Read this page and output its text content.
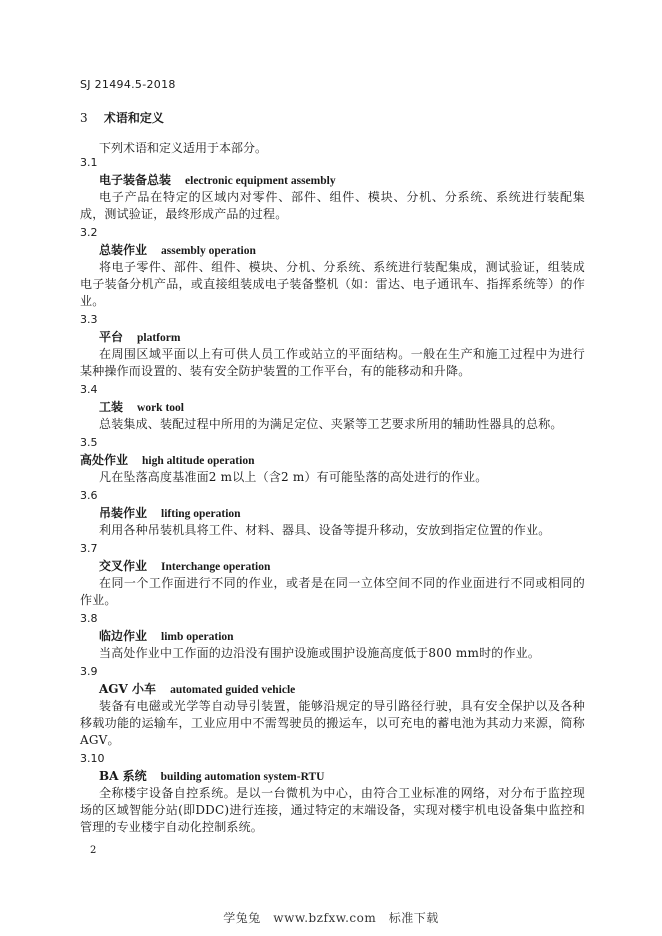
SJ 21494.5-2018
3 术语和定义
下列术语和定义适用于本部分。
3.1
电子装备总装 electronic equipment assembly
电子产品在特定的区域内对零件、部件、组件、模块、分机、分系统、系统进行装配集成，测试验证，最终形成产品的过程。
3.2
总装作业 assembly operation
将电子零件、部件、组件、模块、分机、分系统、系统进行装配集成，测试验证，组装成电子装备分机产品，或直接组装成电子装备整机（如：雷达、电子通讯车、指挥系统等）的作业。
3.3
平台 platform
在周围区域平面以上有可供人员工作或站立的平面结构。一般在生产和施工过程中为进行某种操作而设置的、装有安全防护装置的工作平台，有的能移动和升降。
3.4
工装 work tool
总装集成、装配过程中所用的为满足定位、夹紧等工艺要求所用的辅助性器具的总称。
3.5
高处作业 high altitude operation
凡在坠落高度基准面2 m以上（含2 m）有可能坠落的高处进行的作业。
3.6
吊装作业 lifting operation
利用各种吊装机具将工件、材料、器具、设备等提升移动，安放到指定位置的作业。
3.7
交叉作业 Interchange operation
在同一个工作面进行不同的作业，或者是在同一立体空间不同的作业面进行不同或相同的作业。
3.8
临边作业 limb operation
当高处作业中工作面的边沿没有围护设施或围护设施高度低于800 mm时的作业。
3.9
AGV 小车 automated guided vehicle
装备有电磁或光学等自动导引装置，能够沿规定的导引路径行驶，具有安全保护以及各种移载功能的运输车，工业应用中不需驾驶员的搬运车，以可充电的蓄电池为其动力来源，简称AGV。
3.10
BA 系统 building automation system-RTU
全称楼宇设备自控系统。是以一台微机为中心，由符合工业标准的网络，对分布于监控现场的区域智能分站(即DDC)进行连接，通过特定的末端设备，实现对楼宇机电设备集中监控和管理的专业楼宇自动化控制系统。
2
学兔兔　www.bzfxw.com　标准下载
